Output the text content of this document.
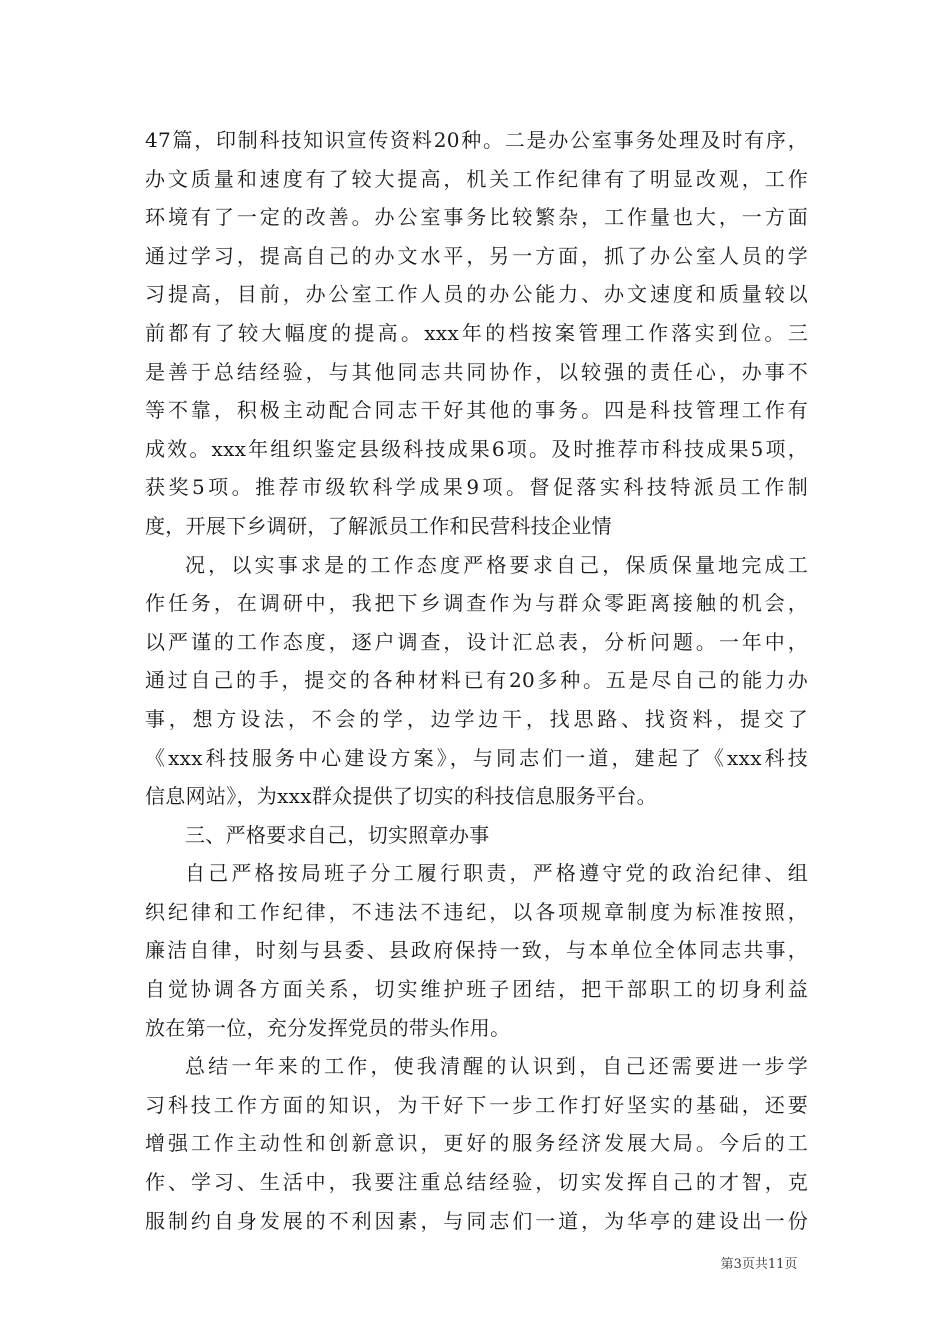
47篇，印制科技知识宣传资料20种。二是办公室事务处理及时有序，
办文质量和速度有了较大提高，机关工作纪律有了明显改观，工作
环境有了一定的改善。办公室事务比较繁杂，工作量也大，一方面
通过学习，提高自己的办文水平，另一方面，抓了办公室人员的学
习提高，目前，办公室工作人员的办公能力、办文速度和质量较以
前都有了较大幅度的提高。xxx年的档按案管理工作落实到位。三
是善于总结经验，与其他同志共同协作，以较强的责任心，办事不
等不靠，积极主动配合同志干好其他的事务。四是科技管理工作有
成效。xxx年组织鉴定县级科技成果6项。及时推荐市科技成果5项，
获奖5项。推荐市级软科学成果9项。督促落实科技特派员工作制
度，开展下乡调研，了解派员工作和民营科技企业情
况，以实事求是的工作态度严格要求自己，保质保量地完成工
作任务，在调研中，我把下乡调查作为与群众零距离接触的机会，
以严谨的工作态度，逐户调查，设计汇总表，分析问题。一年中，
通过自己的手，提交的各种材料已有20多种。五是尽自己的能力办
事，想方设法，不会的学，边学边干，找思路、找资料，提交了
《xxx科技服务中心建设方案》，与同志们一道，建起了《xxx科技
信息网站》，为xxx群众提供了切实的科技信息服务平台。
三、严格要求自己，切实照章办事
自己严格按局班子分工履行职责，严格遵守党的政治纪律、组
织纪律和工作纪律，不违法不违纪，以各项规章制度为标准按照，
廉洁自律，时刻与县委、县政府保持一致，与本单位全体同志共事，
自觉协调各方面关系，切实维护班子团结，把干部职工的切身利益
放在第一位，充分发挥党员的带头作用。
总结一年来的工作，使我清醒的认识到，自己还需要进一步学
习科技工作方面的知识，为干好下一步工作打好坚实的基础，还要
增强工作主动性和创新意识，更好的服务经济发展大局。今后的工
作、学习、生活中，我要注重总结经验，切实发挥自己的才智，克
服制约自身发展的不利因素，与同志们一道，为华亭的建设出一份
第3页共11页
